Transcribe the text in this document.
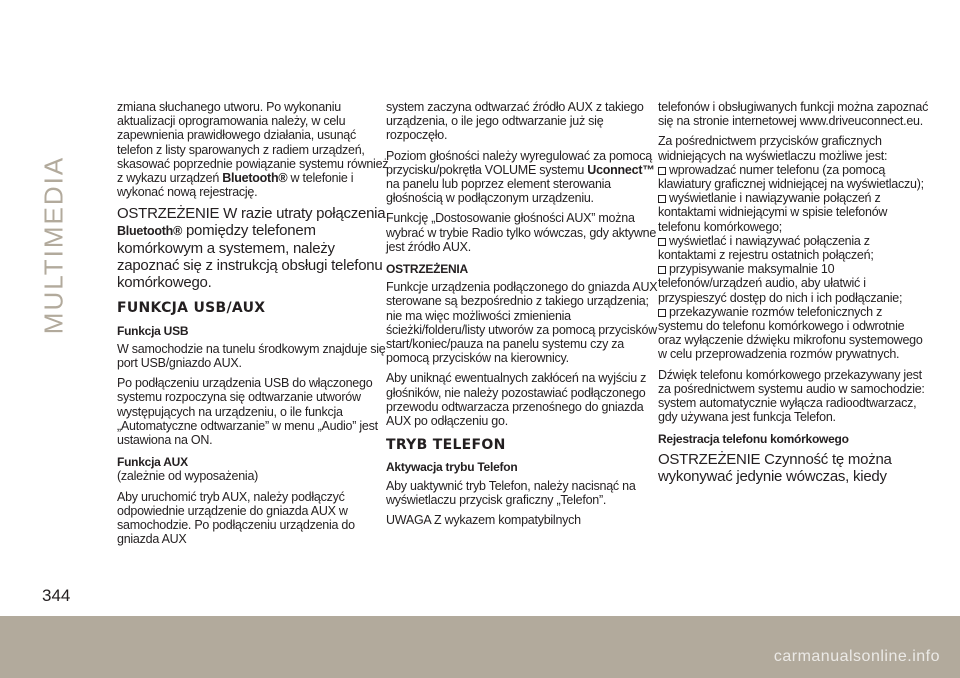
MULTIMEDIA
344

zmiana słuchanego utworu. Po wykonaniu aktualizacji oprogramowania należy, w celu zapewnienia prawidłowego działania, usunąć telefon z listy sparowanych z radiem urządzeń, skasować poprzednie powiązanie systemu również z wykazu urządzeń Bluetooth® w telefonie i wykonać nową rejestrację.

OSTRZEŻENIE W razie utraty połączenia Bluetooth® pomiędzy telefonem komórkowym a systemem, należy zapoznać się z instrukcją obsługi telefonu komórkowego.

FUNKCJA USB/AUX

Funkcja USB

W samochodzie na tunelu środkowym znajduje się port USB/gniazdo AUX.

Po podłączeniu urządzenia USB do włączonego systemu rozpoczyna się odtwarzanie utworów występujących na urządzeniu, o ile funkcja „Automatyczne odtwarzanie” w menu „Audio” jest ustawiona na ON.

Funkcja AUX

(zależnie od wyposażenia)

Aby uruchomić tryb AUX, należy podłączyć odpowiednie urządzenie do gniazda AUX w samochodzie. Po podłączeniu urządzenia do gniazda AUX

system zaczyna odtwarzać źródło AUX z takiego urządzenia, o ile jego odtwarzanie już się rozpoczęło.

Poziom głośności należy wyregulować za pomocą przycisku/pokrętła VOLUME systemu Uconnect™ na panelu lub poprzez element sterowania głośnością w podłączonym urządzeniu.

Funkcję „Dostosowanie głośności AUX” można wybrać w trybie Radio tylko wówczas, gdy aktywne jest źródło AUX.

OSTRZEŻENIA

Funkcje urządzenia podłączonego do gniazda AUX sterowane są bezpośrednio z takiego urządzenia; nie ma więc możliwości zmienienia ścieżki/folderu/listy utworów za pomocą przycisków start/koniec/pauza na panelu systemu czy za pomocą przycisków na kierownicy.

Aby uniknąć ewentualnych zakłóceń na wyjściu z głośników, nie należy pozostawiać podłączonego przewodu odtwarzacza przenośnego do gniazda AUX po odłączeniu go.

TRYB TELEFON

Aktywacja trybu Telefon

Aby uaktywnić tryb Telefon, należy nacisnąć na wyświetlaczu przycisk graficzny „Telefon”.

UWAGA Z wykazem kompatybilnych

telefonów i obsługiwanych funkcji można zapoznać się na stronie internetowej www.driveuconnect.eu.

Za pośrednictwem przycisków graficznych widniejących na wyświetlaczu możliwe jest:

wprowadzać numer telefonu (za pomocą klawiatury graficznej widniejącej na wyświetlaczu);
wyświetlanie i nawiązywanie połączeń z kontaktami widniejącymi w spisie telefonów telefonu komórkowego;
wyświetlać i nawiązywać połączenia z kontaktami z rejestru ostatnich połączeń;
przypisywanie maksymalnie 10 telefonów/urządzeń audio, aby ułatwić i przyspieszyć dostęp do nich i ich podłączanie;
przekazywanie rozmów telefonicznych z systemu do telefonu komórkowego i odwrotnie oraz wyłączenie dźwięku mikrofonu systemowego w celu przeprowadzenia rozmów prywatnych.

Dźwięk telefonu komórkowego przekazywany jest za pośrednictwem systemu audio w samochodzie: system automatycznie wyłącza radioodtwarzacz, gdy używana jest funkcja Telefon.

Rejestracja telefonu komórkowego

OSTRZEŻENIE Czynność tę można wykonywać jedynie wówczas, kiedy

carmanualsonline.info
